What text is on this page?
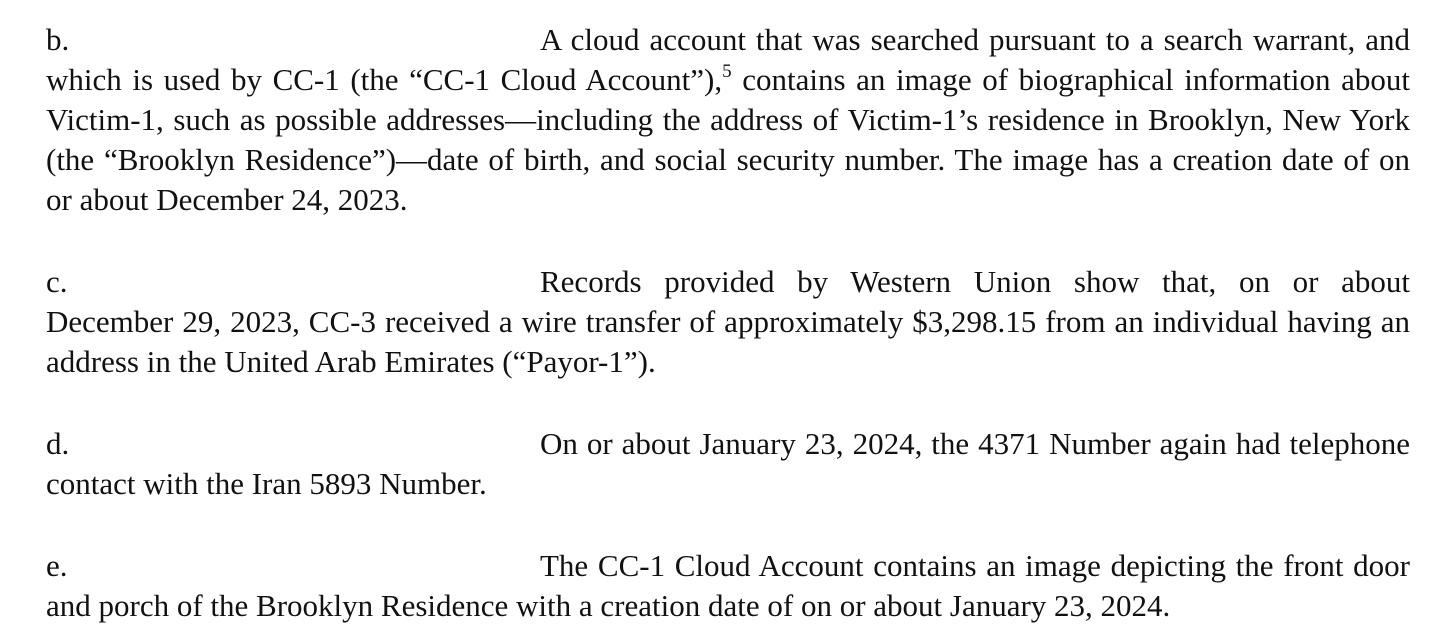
b.	A cloud account that was searched pursuant to a search warrant, and which is used by CC-1 (the “CC-1 Cloud Account”),$^5$ contains an image of biographical information about Victim-1, such as possible addresses—including the address of Victim-1’s residence in Brooklyn, New York (the “Brooklyn Residence”)—date of birth, and social security number. The image has a creation date of on or about December 24, 2023.

c.	Records provided by Western Union show that, on or about December 29, 2023, CC-3 received a wire transfer of approximately $3,298.15 from an individual having an address in the United Arab Emirates (“Payor-1”).

d.	On or about January 23, 2024, the 4371 Number again had telephone contact with the Iran 5893 Number.

e.	The CC-1 Cloud Account contains an image depicting the front door and porch of the Brooklyn Residence with a creation date of on or about January 23, 2024.
